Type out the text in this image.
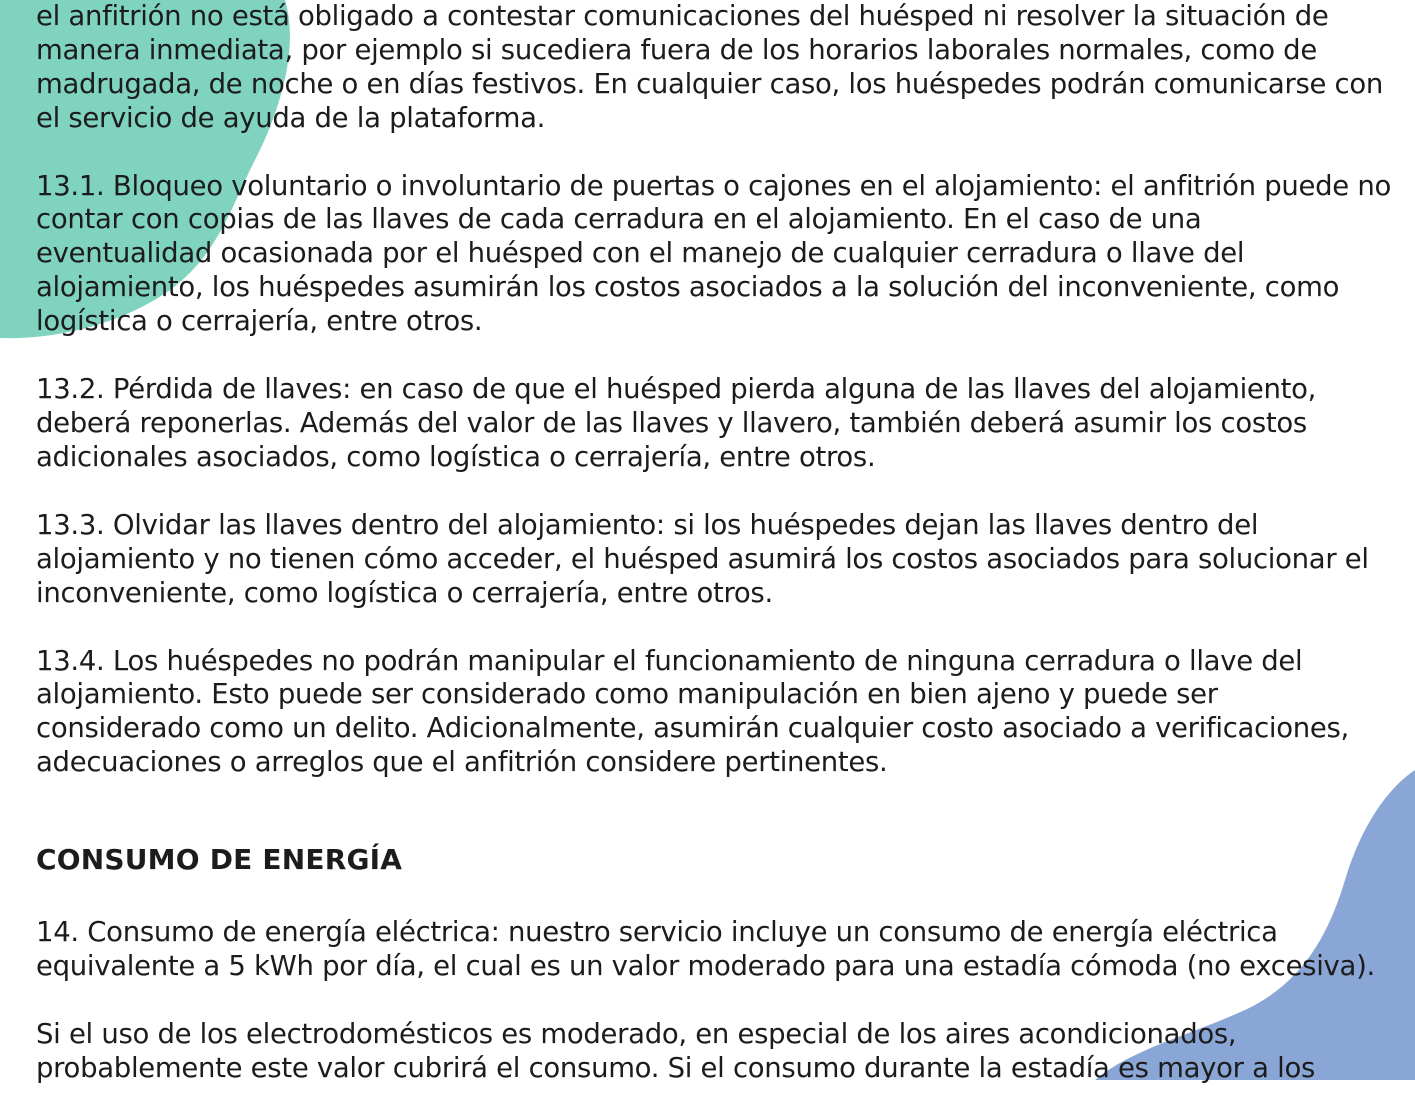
el anfitrión no está obligado a contestar comunicaciones del huésped ni resolver la situación de
manera inmediata, por ejemplo si sucediera fuera de los horarios laborales normales, como de
madrugada, de noche o en días festivos. En cualquier caso, los huéspedes podrán comunicarse con
el servicio de ayuda de la plataforma.

13.1. Bloqueo voluntario o involuntario de puertas o cajones en el alojamiento: el anfitrión puede no
contar con copias de las llaves de cada cerradura en el alojamiento. En el caso de una
eventualidad ocasionada por el huésped con el manejo de cualquier cerradura o llave del
alojamiento, los huéspedes asumirán los costos asociados a la solución del inconveniente, como
logística o cerrajería, entre otros.

13.2. Pérdida de llaves: en caso de que el huésped pierda alguna de las llaves del alojamiento,
deberá reponerlas. Además del valor de las llaves y llavero, también deberá asumir los costos
adicionales asociados, como logística o cerrajería, entre otros.

13.3. Olvidar las llaves dentro del alojamiento: si los huéspedes dejan las llaves dentro del
alojamiento y no tienen cómo acceder, el huésped asumirá los costos asociados para solucionar el
inconveniente, como logística o cerrajería, entre otros.

13.4. Los huéspedes no podrán manipular el funcionamiento de ninguna cerradura o llave del
alojamiento. Esto puede ser considerado como manipulación en bien ajeno y puede ser
considerado como un delito. Adicionalmente, asumirán cualquier costo asociado a verificaciones,
adecuaciones o arreglos que el anfitrión considere pertinentes.

CONSUMO DE ENERGÍA

14. Consumo de energía eléctrica: nuestro servicio incluye un consumo de energía eléctrica
equivalente a 5 kWh por día, el cual es un valor moderado para una estadía cómoda (no excesiva).

Si el uso de los electrodomésticos es moderado, en especial de los aires acondicionados,
probablemente este valor cubrirá el consumo. Si el consumo durante la estadía es mayor a los
